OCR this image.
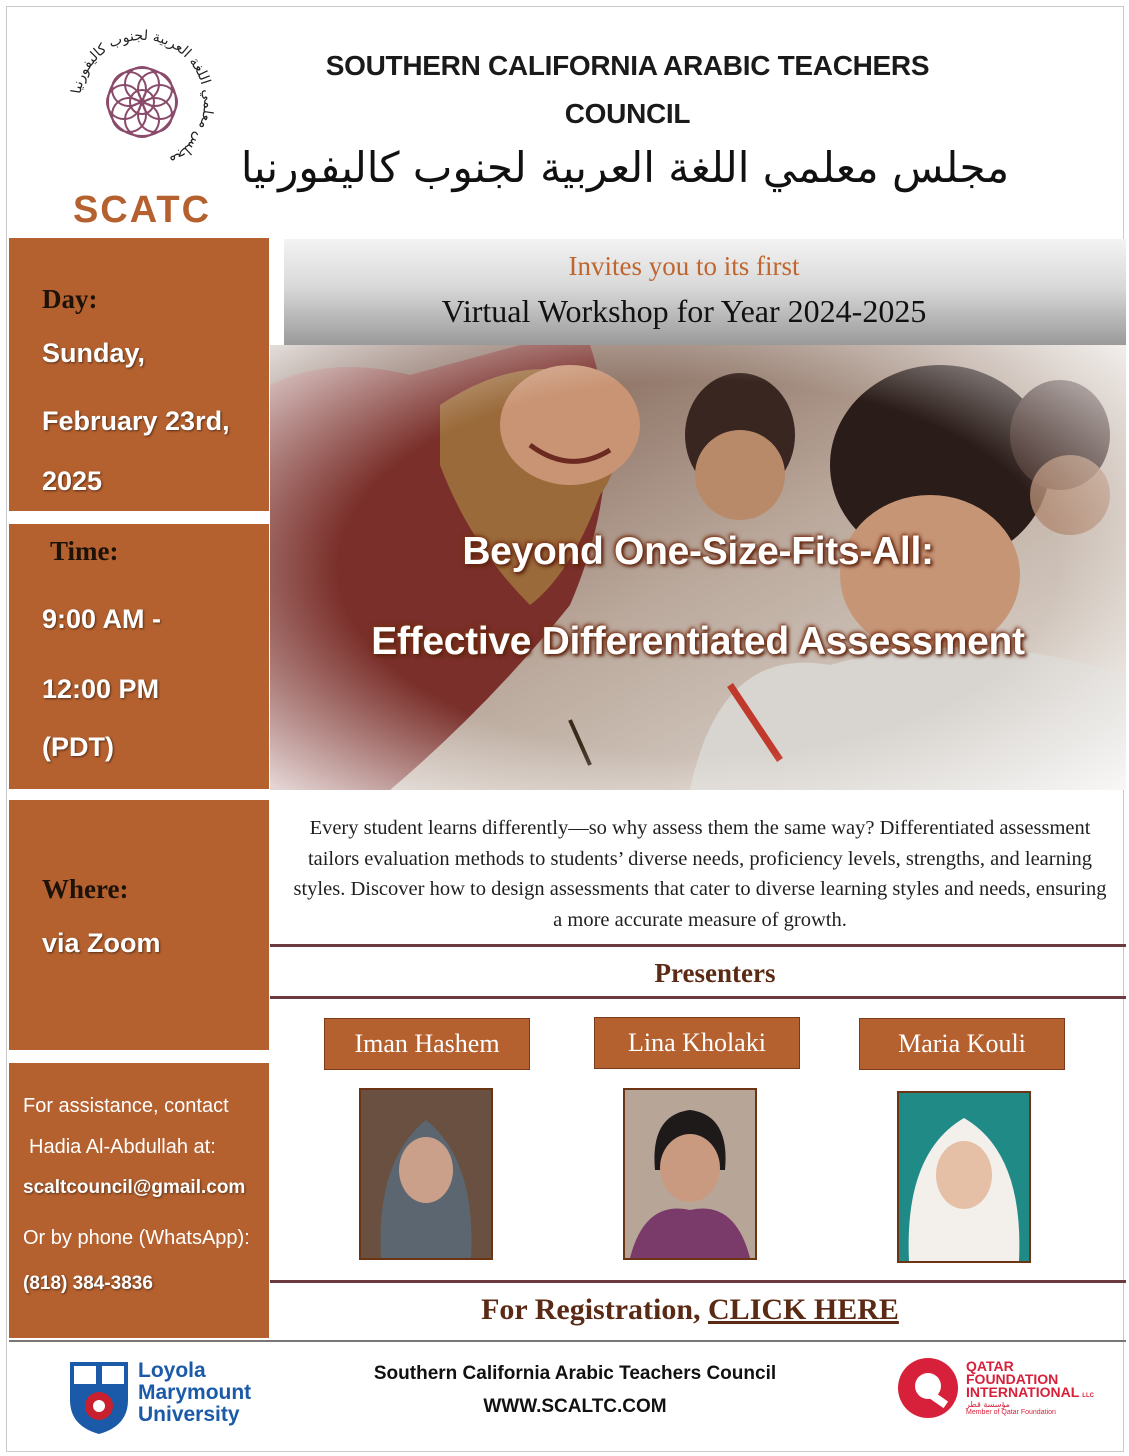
مجلس معلمي اللغة العربية لجنوب كاليفورنيا
SCATC
SOUTHERN CALIFORNIA ARABIC TEACHERS
COUNCIL
مجلس معلمي اللغة العربية لجنوب كاليفورنيا
Day:
Sunday,
February 23rd,
2025
Time:
9:00 AM -
12:00 PM
(PDT)
Where:
via Zoom
For assistance, contact
Hadia Al-Abdullah at:
scaltcouncil@gmail.com
Or by phone (WhatsApp):
(818) 384-3836
Invites you to its first
Virtual Workshop for Year 2024-2025
Beyond One-Size-Fits-All:
Effective Differentiated Assessment
Every student learns differently—so why assess them the same way? Differentiated assessment tailors evaluation methods to students’ diverse needs, proficiency levels, strengths, and learning styles. Discover how to design assessments that cater to diverse learning styles and needs, ensuring a more accurate measure of growth.
Presenters
Iman Hashem	Lina Kholaki	Maria Kouli
For Registration, CLICK HERE
Loyola
Marymount
University
Southern California Arabic Teachers Council
WWW.SCALTC.COM
QATAR
FOUNDATION
INTERNATIONAL LLC
مؤسسة قطر
Member of Qatar Foundation
